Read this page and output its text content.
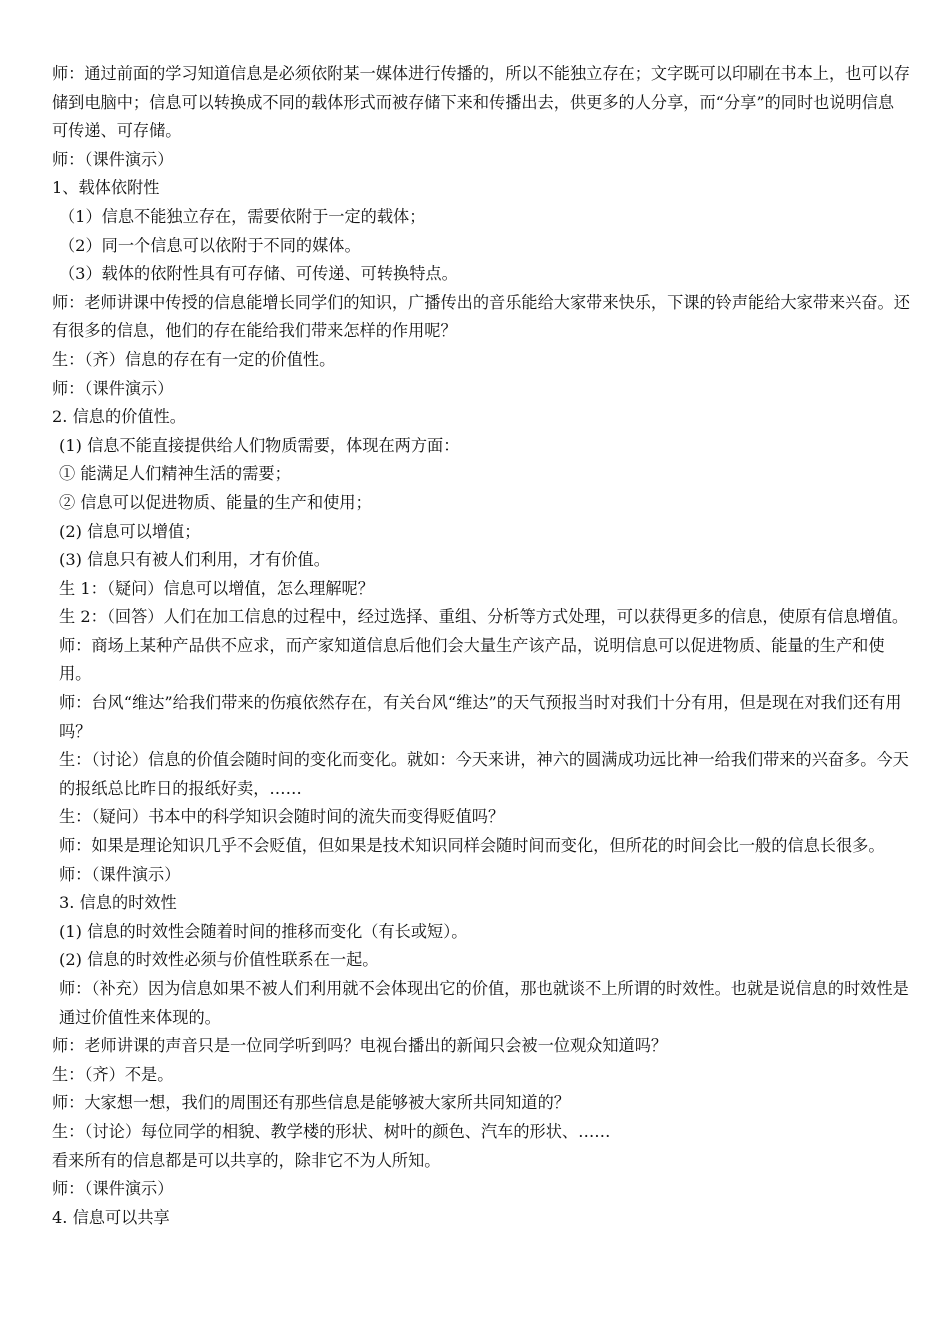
师：通过前面的学习知道信息是必须依附某一媒体进行传播的，所以不能独立存在；文字既可以印刷在书本上，也可以存储到电脑中；信息可以转换成不同的载体形式而被存储下来和传播出去，供更多的人分享，而“分享”的同时也说明信息可传递、可存储。

师：（课件演示）

1、载体依附性

（1）信息不能独立存在，需要依附于一定的载体；

（2）同一个信息可以依附于不同的媒体。

（3）载体的依附性具有可存储、可传递、可转换特点。

师：老师讲课中传授的信息能增长同学们的知识，广播传出的音乐能给大家带来快乐，下课的铃声能给大家带来兴奋。还有很多的信息，他们的存在能给我们带来怎样的作用呢？

生：（齐）信息的存在有一定的价值性。

师：（课件演示）

2. 信息的价值性。

(1) 信息不能直接提供给人们物质需要，体现在两方面：

① 能满足人们精神生活的需要；

② 信息可以促进物质、能量的生产和使用；

(2) 信息可以增值；

(3) 信息只有被人们利用，才有价值。

生 1：（疑问）信息可以增值，怎么理解呢？

生 2：（回答）人们在加工信息的过程中，经过选择、重组、分析等方式处理，可以获得更多的信息，使原有信息增值。

师：商场上某种产品供不应求，而产家知道信息后他们会大量生产该产品，说明信息可以促进物质、能量的生产和使用。

师：台风“维达”给我们带来的伤痕依然存在，有关台风“维达”的天气预报当时对我们十分有用，但是现在对我们还有用吗？

生：（讨论）信息的价值会随时间的变化而变化。就如：今天来讲，神六的圆满成功远比神一给我们带来的兴奋多。今天的报纸总比昨日的报纸好卖，……

生：（疑问）书本中的科学知识会随时间的流失而变得贬值吗？

师：如果是理论知识几乎不会贬值，但如果是技术知识同样会随时间而变化，但所花的时间会比一般的信息长很多。

师：（课件演示）

3. 信息的时效性

(1) 信息的时效性会随着时间的推移而变化（有长或短）。

(2) 信息的时效性必须与价值性联系在一起。

师：（补充）因为信息如果不被人们利用就不会体现出它的价值，那也就谈不上所谓的时效性。也就是说信息的时效性是通过价值性来体现的。

师：老师讲课的声音只是一位同学听到吗？电视台播出的新闻只会被一位观众知道吗？

生：（齐）不是。

师：大家想一想，我们的周围还有那些信息是能够被大家所共同知道的？

生：（讨论）每位同学的相貌、教学楼的形状、树叶的颜色、汽车的形状、……

看来所有的信息都是可以共享的，除非它不为人所知。

师：（课件演示）

4. 信息可以共享
